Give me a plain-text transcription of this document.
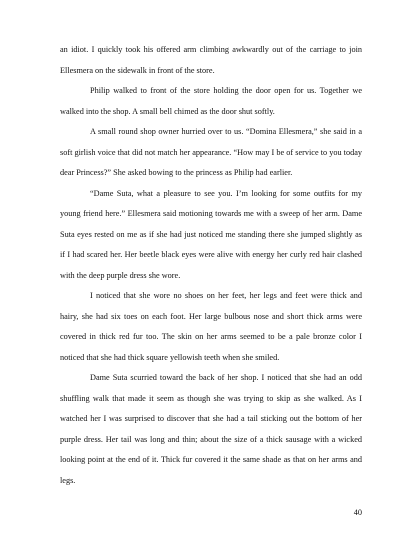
an idiot. I quickly took his offered arm climbing awkwardly out of the carriage to join Ellesmera on the sidewalk in front of the store.

Philip walked to front of the store holding the door open for us. Together we walked into the shop. A small bell chimed as the door shut softly.

A small round shop owner hurried over to us. “Domina Ellesmera,” she said in a soft girlish voice that did not match her appearance. “How may I be of service to you today dear Princess?” She asked bowing to the princess as Philip had earlier.

“Dame Suta, what a pleasure to see you. I’m looking for some outfits for my young friend here.” Ellesmera said motioning towards me with a sweep of her arm. Dame Suta eyes rested on me as if she had just noticed me standing there she jumped slightly as if I had scared her. Her beetle black eyes were alive with energy her curly red hair clashed with the deep purple dress she wore.

I noticed that she wore no shoes on her feet, her legs and feet were thick and hairy, she had six toes on each foot. Her large bulbous nose and short thick arms were covered in thick red fur too. The skin on her arms seemed to be a pale bronze color I noticed that she had thick square yellowish teeth when she smiled.

Dame Suta scurried toward the back of her shop. I noticed that she had an odd shuffling walk that made it seem as though she was trying to skip as she walked. As I watched her I was surprised to discover that she had a tail sticking out the bottom of her purple dress. Her tail was long and thin; about the size of a thick sausage with a wicked looking point at the end of it. Thick fur covered it the same shade as that on her arms and legs.

40
